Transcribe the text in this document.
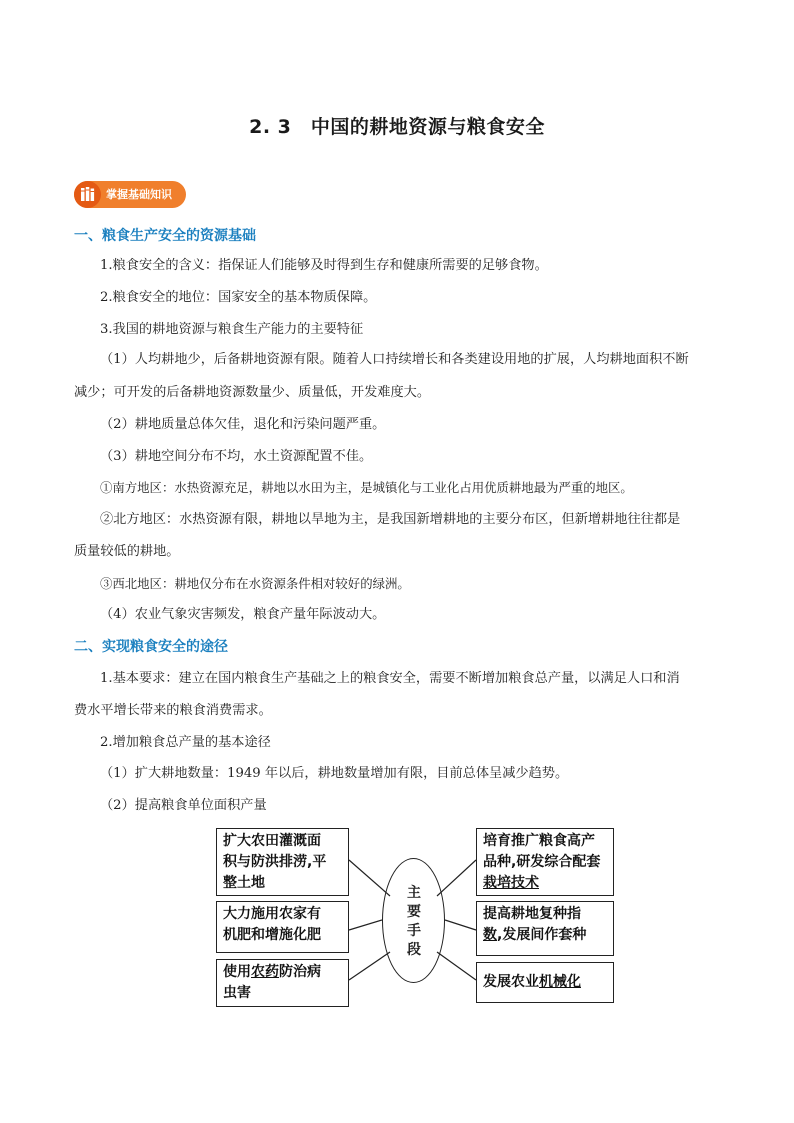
2. 3　中国的耕地资源与粮食安全
掌握基础知识
一、粮食生产安全的资源基础
1.粮食安全的含义：指保证人们能够及时得到生存和健康所需要的足够食物。
2.粮食安全的地位：国家安全的基本物质保障。
3.我国的耕地资源与粮食生产能力的主要特征
（1）人均耕地少，后备耕地资源有限。随着人口持续增长和各类建设用地的扩展，人均耕地面积不断
减少；可开发的后备耕地资源数量少、质量低，开发难度大。
（2）耕地质量总体欠佳，退化和污染问题严重。
（3）耕地空间分布不均，水土资源配置不佳。
①南方地区：水热资源充足，耕地以水田为主，是城镇化与工业化占用优质耕地最为严重的地区。
②北方地区：水热资源有限，耕地以旱地为主，是我国新增耕地的主要分布区，但新增耕地往往都是
质量较低的耕地。
③西北地区：耕地仅分布在水资源条件相对较好的绿洲。
（4）农业气象灾害频发，粮食产量年际波动大。
二、实现粮食安全的途径
1.基本要求：建立在国内粮食生产基础之上的粮食安全，需要不断增加粮食总产量，以满足人口和消
费水平增长带来的粮食消费需求。
2.增加粮食总产量的基本途径
（1）扩大耕地数量：1949 年以后，耕地数量增加有限，目前总体呈减少趋势。
（2）提高粮食单位面积产量
扩大农田灌溉面
积与防洪排涝,平
整土地
大力施用农家有
机肥和增施化肥
使用农药防治病
虫害
主
要
手
段
培育推广粮食高产
品种,研发综合配套
栽培技术
提高耕地复种指
数,发展间作套种
发展农业机械化
